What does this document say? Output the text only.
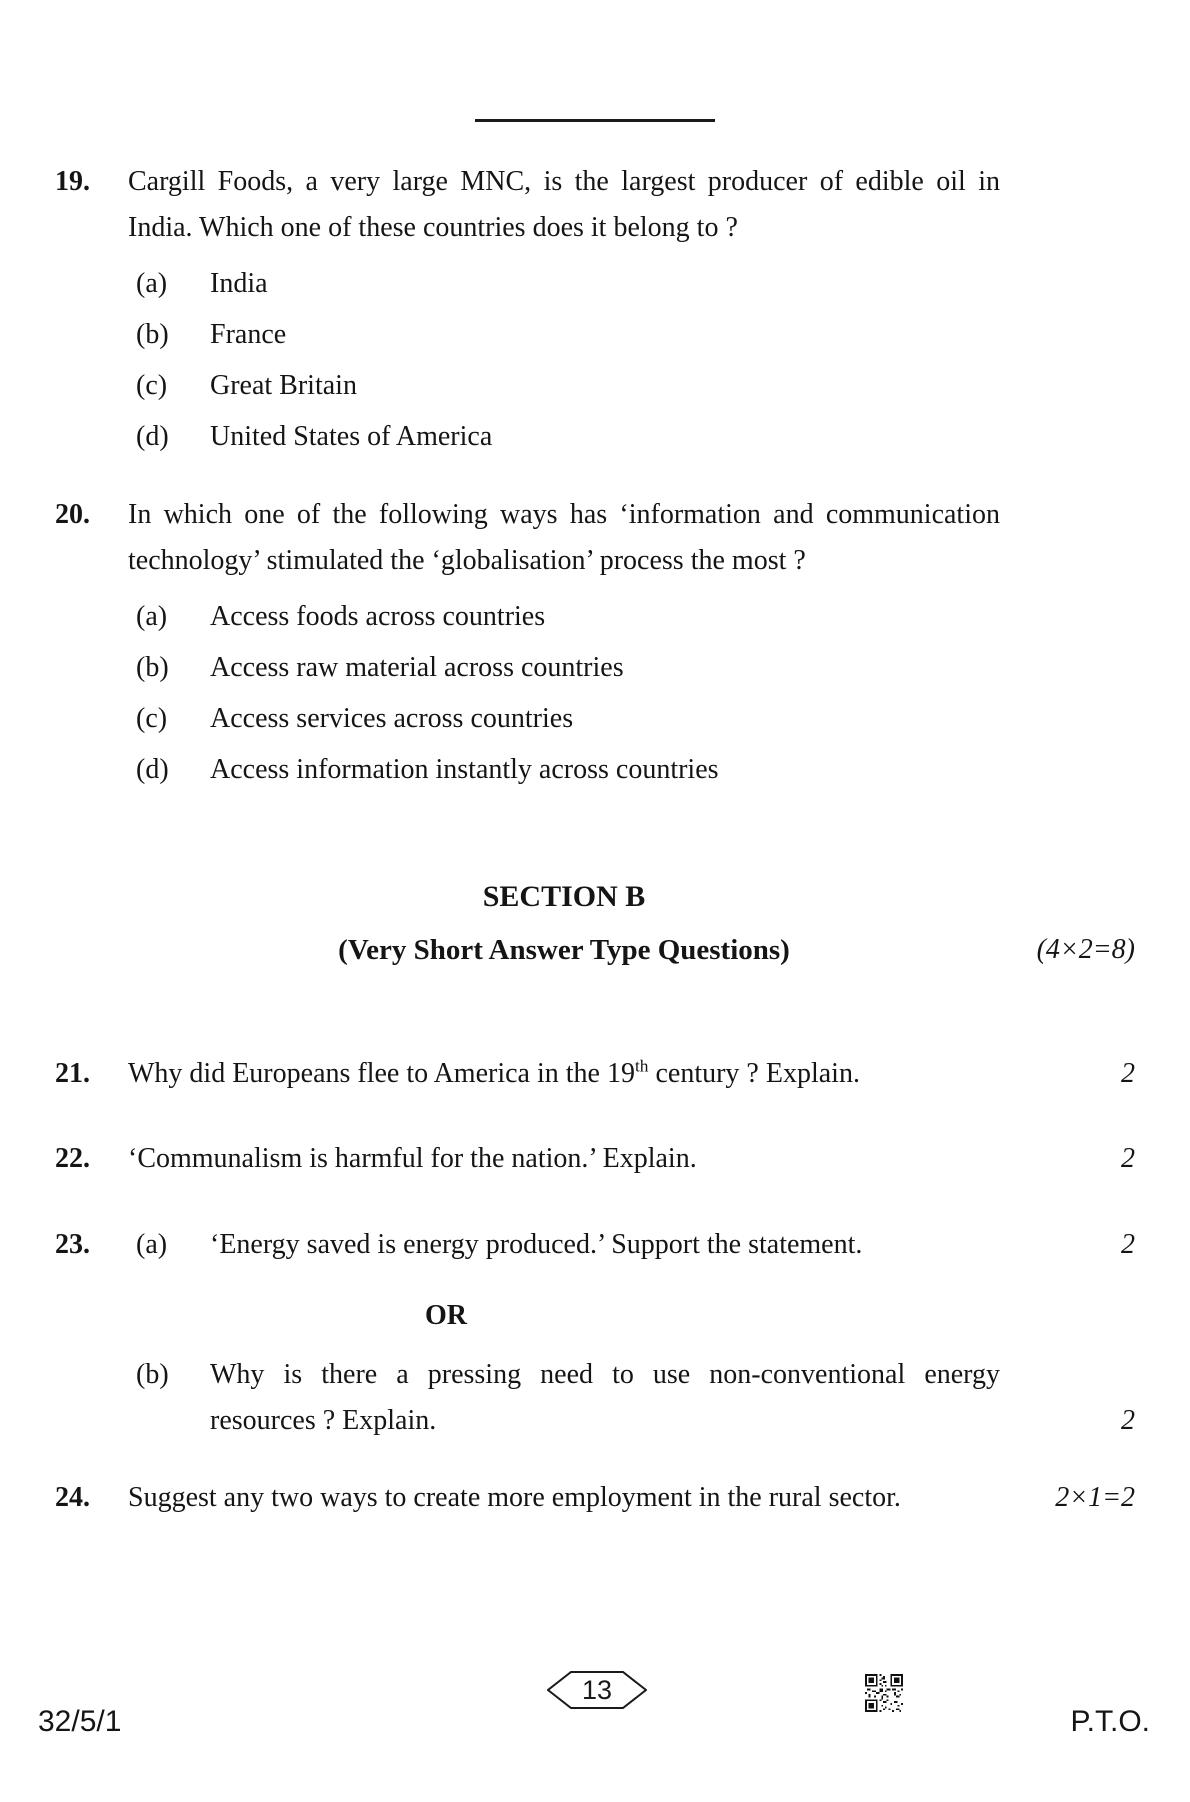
19.	Cargill Foods, a very large MNC, is the largest producer of edible oil in India. Which one of these countries does it belong to ?
(a)	India
(b)	France
(c)	Great Britain
(d)	United States of America
20.	In which one of the following ways has ‘information and communication technology’ stimulated the ‘globalisation’ process the most ?
(a)	Access foods across countries
(b)	Access raw material across countries
(c)	Access services across countries
(d)	Access information instantly across countries
SECTION B
(Very Short Answer Type Questions)	(4×2=8)
21.	Why did Europeans flee to America in the 19th century ? Explain.	2
22.	‘Communalism is harmful for the nation.’ Explain.	2
23.	(a)	‘Energy saved is energy produced.’ Support the statement.	2
OR
(b)	Why is there a pressing need to use non-conventional energy resources ? Explain.	2
24.	Suggest any two ways to create more employment in the rural sector.	2×1=2
32/5/1
13
P.T.O.
